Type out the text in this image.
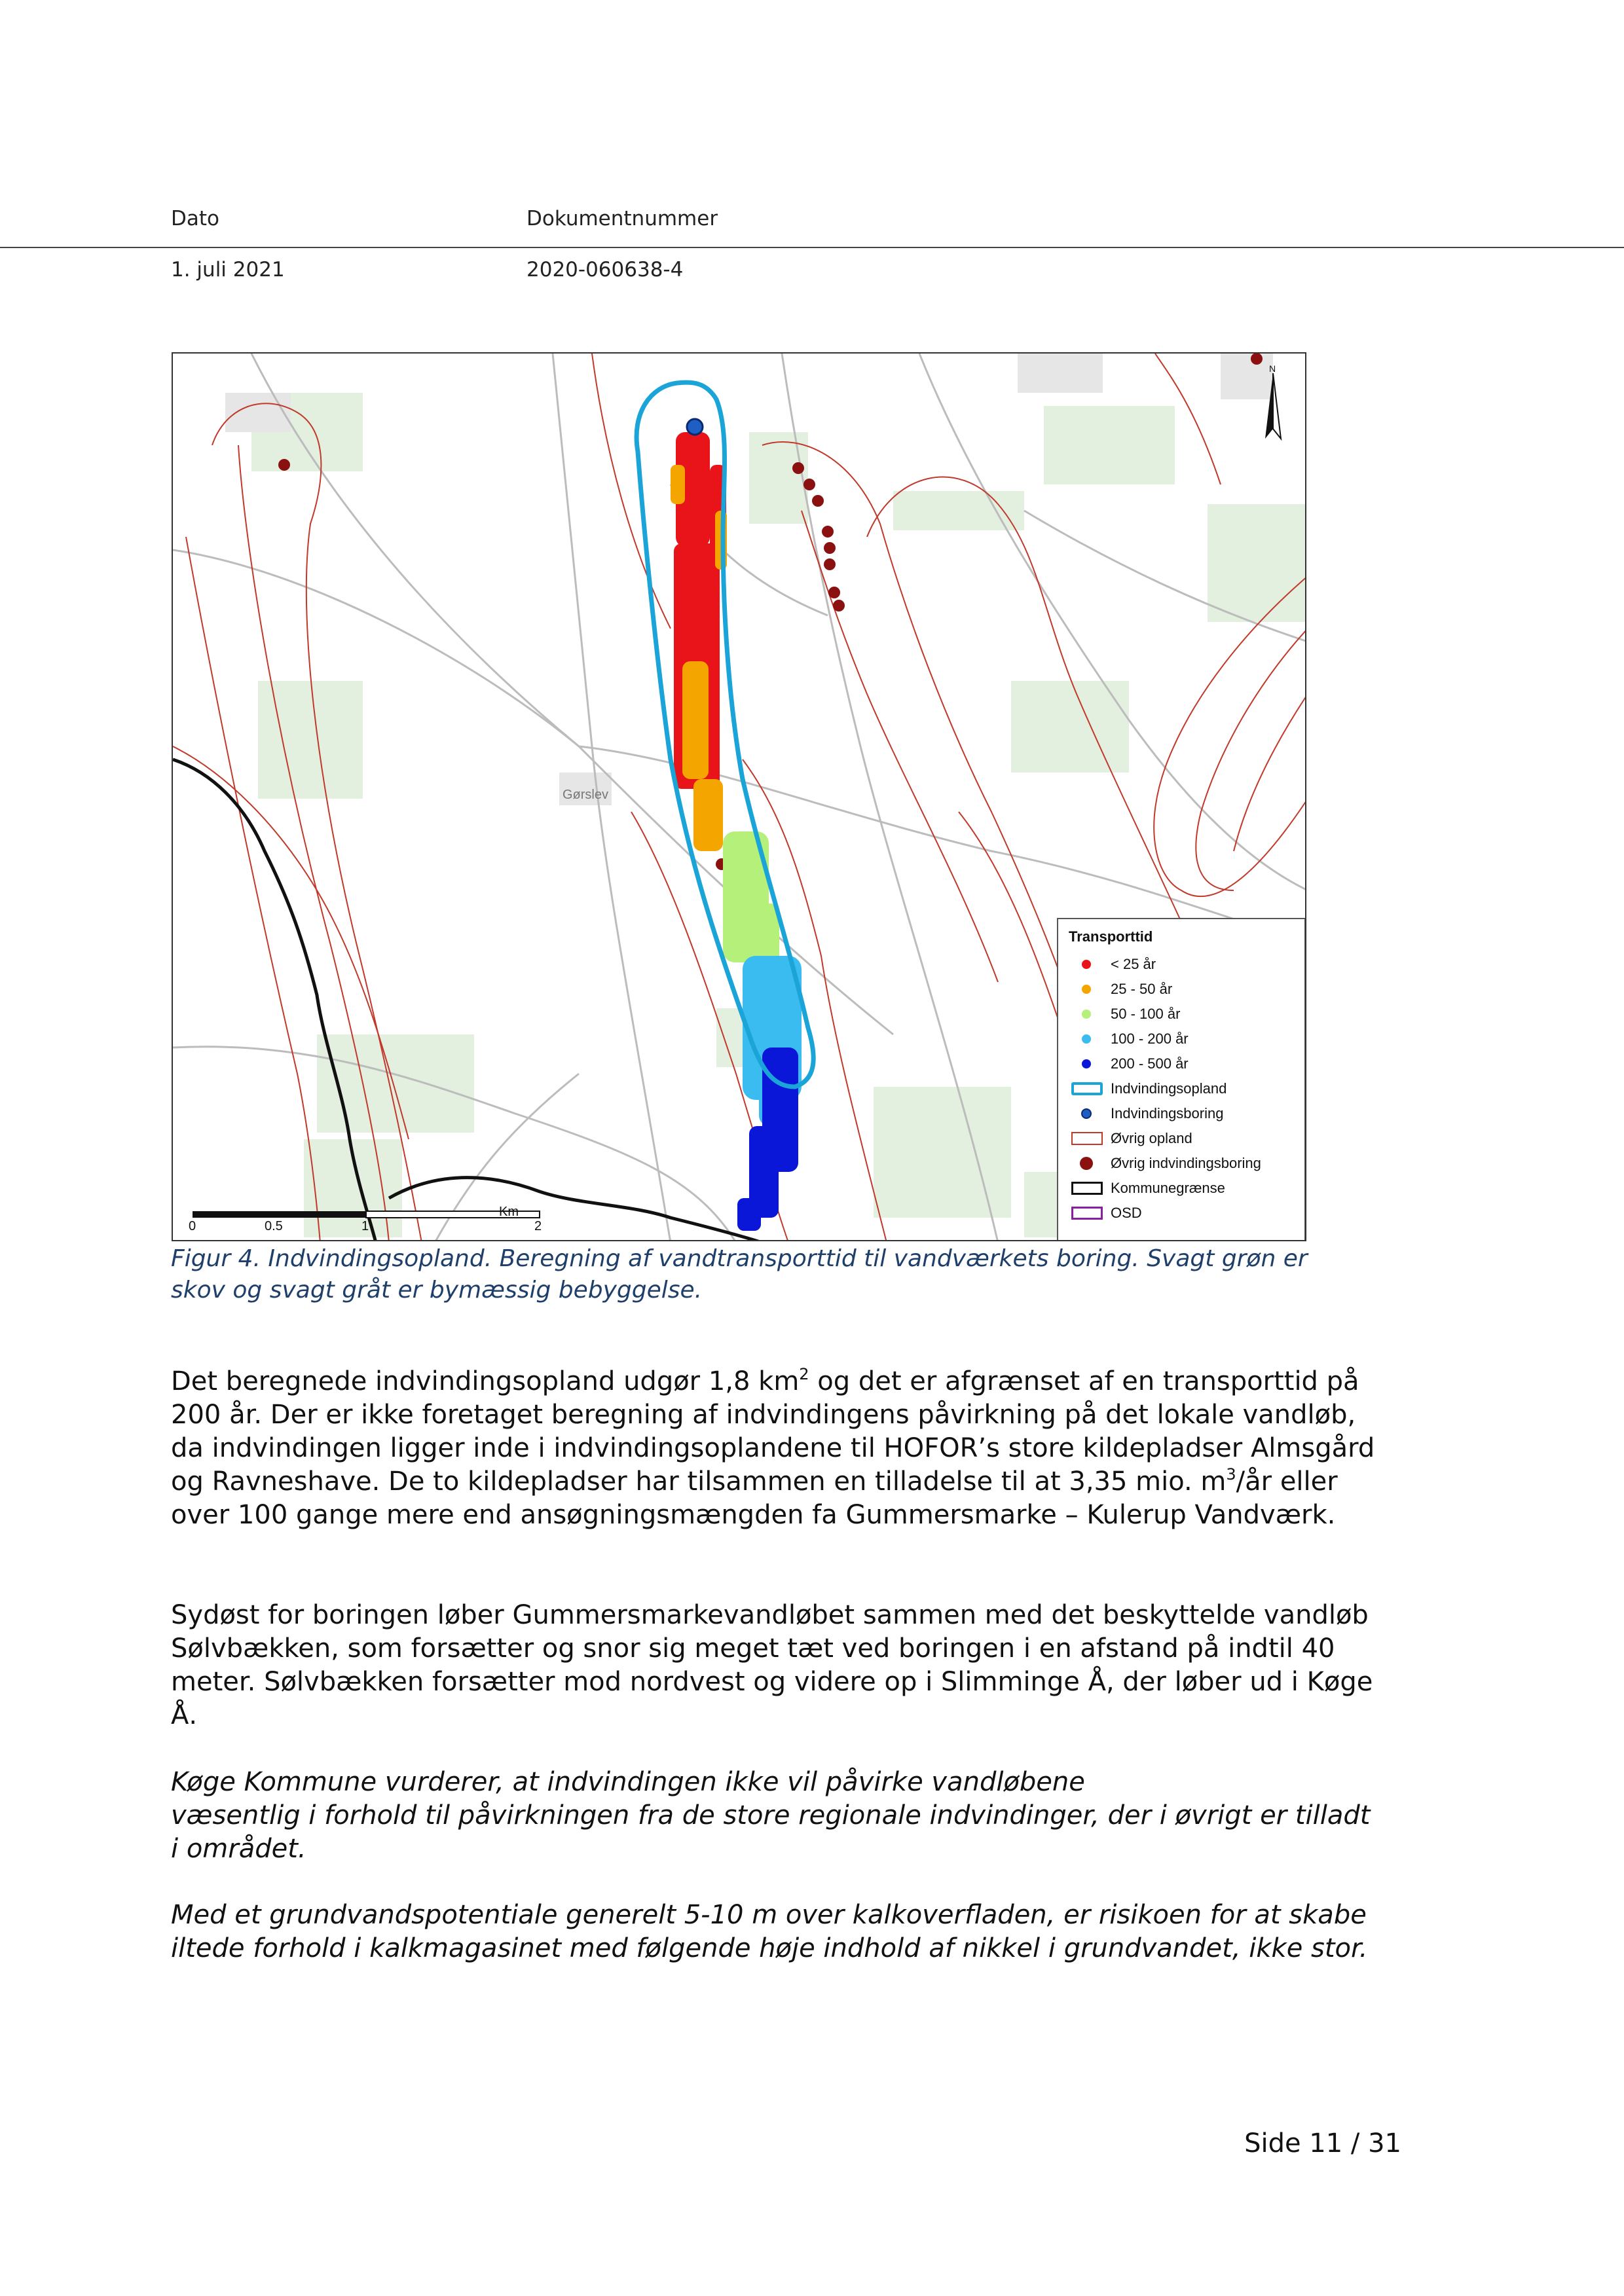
Dato	Dokumentnummer
1. juli 2021	2020-060638-4
Gørslev
N
0	0.5	1	2
Km
Transporttid
< 25 år
25 - 50 år
50 - 100 år
100 - 200 år
200 - 500 år
Indvindingsopland
Indvindingsboring
Øvrig opland
Øvrig indvindingsboring
Kommunegrænse
OSD
Figur 4. Indvindingsopland. Beregning af vandtransporttid til vandværkets boring. Svagt grøn er skov og svagt gråt er bymæssig bebyggelse.
Det beregnede indvindingsopland udgør 1,8 $km^2$ og det er afgrænset af en transporttid på 200 år. Der er ikke foretaget beregning af indvindingens påvirkning på det lokale vandløb, da indvindingen ligger inde i indvindingsoplandene til HOFOR’s store kildepladser Almsgård og Ravneshave. De to kildepladser har tilsammen en tilladelse til at 3,35 mio. $m^3/år$ eller over 100 gange mere end ansøgningsmængden fa Gummersmarke – Kulerup Vandværk.
Sydøst for boringen løber Gummersmarkevandløbet sammen med det beskyttelde vandløb Sølvbækken, som forsætter og snor sig meget tæt ved boringen i en afstand på indtil 40 meter. Sølvbækken forsætter mod nordvest og videre op i Slimminge Å, der løber ud i Køge Å.
Køge Kommune vurderer, at indvindingen ikke vil påvirke vandløbene
væsentlig i forhold til påvirkningen fra de store regionale indvindinger, der i øvrigt er tilladt i området.
Med et grundvandspotentiale generelt 5-10 m over kalkoverfladen, er risikoen for at skabe iltede forhold i kalkmagasinet med følgende høje indhold af nikkel i grundvandet, ikke stor.
Side 11 / 31
